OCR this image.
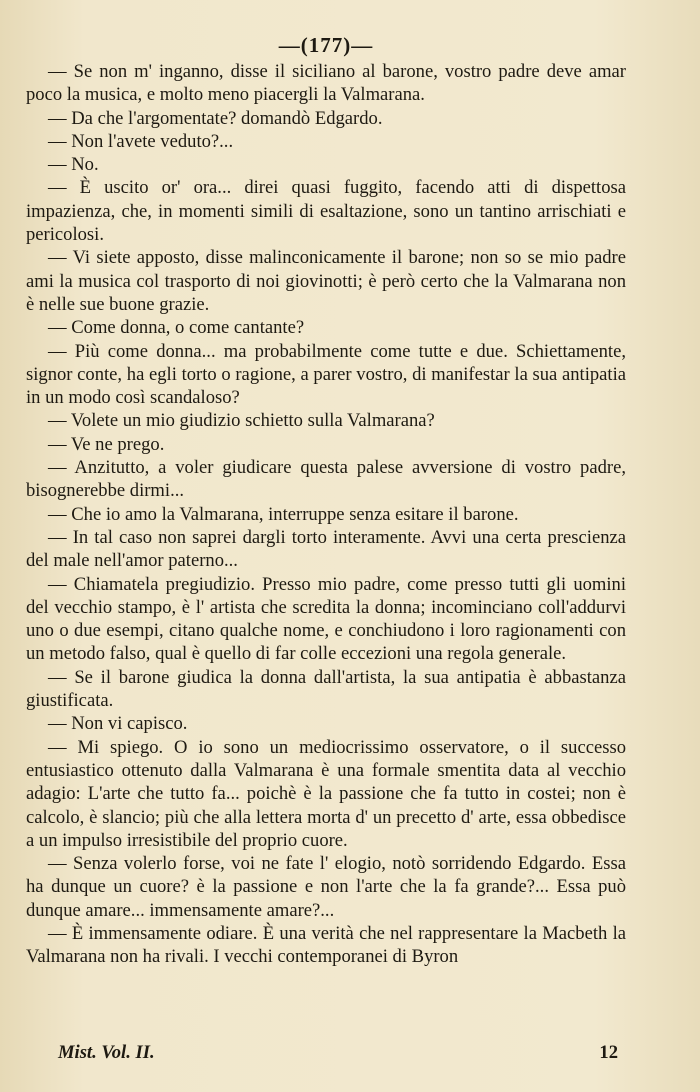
—(177)—

— Se non m' inganno, disse il siciliano al barone, vostro padre deve amar poco la musica, e molto meno piacergli la Valmarana.

— Da che l'argomentate? domandò Edgardo.

— Non l'avete veduto?...

— No.

— È uscito or' ora... direi quasi fuggito, facendo atti di dispettosa impazienza, che, in momenti simili di esaltazione, sono un tantino arrischiati e pericolosi.

— Vi siete apposto, disse malinconicamente il barone; non so se mio padre ami la musica col trasporto di noi giovinotti; è però certo che la Valmarana non è nelle sue buone grazie.

— Come donna, o come cantante?

— Più come donna... ma probabilmente come tutte e due. Schiettamente, signor conte, ha egli torto o ragione, a parer vostro, di manifestar la sua antipatia in un modo così scandaloso?

— Volete un mio giudizio schietto sulla Valmarana?

— Ve ne prego.

— Anzitutto, a voler giudicare questa palese avversione di vostro padre, bisognerebbe dirmi...

— Che io amo la Valmarana, interruppe senza esitare il barone.

— In tal caso non saprei dargli torto interamente. Avvi una certa prescienza del male nell'amor paterno...

— Chiamatela pregiudizio. Presso mio padre, come presso tutti gli uomini del vecchio stampo, è l' artista che scredita la donna; incominciano coll'addurvi uno o due esempi, citano qualche nome, e conchiudono i loro ragionamenti con un metodo falso, qual è quello di far colle eccezioni una regola generale.

— Se il barone giudica la donna dall'artista, la sua antipatia è abbastanza giustificata.

— Non vi capisco.

— Mi spiego. O io sono un mediocrissimo osservatore, o il successo entusiastico ottenuto dalla Valmarana è una formale smentita data al vecchio adagio: L'arte che tutto fa... poichè è la passione che fa tutto in costei; non è calcolo, è slancio; più che alla lettera morta d' un precetto d' arte, essa obbedisce a un impulso irresistibile del proprio cuore.

— Senza volerlo forse, voi ne fate l' elogio, notò sorridendo Edgardo. Essa ha dunque un cuore? è la passione e non l'arte che la fa grande?... Essa può dunque amare... immensamente amare?...

— È immensamente odiare. È una verità che nel rappresentare la Macbeth la Valmarana non ha rivali. I vecchi contemporanei di Byron

Mist. Vol. II.	12
